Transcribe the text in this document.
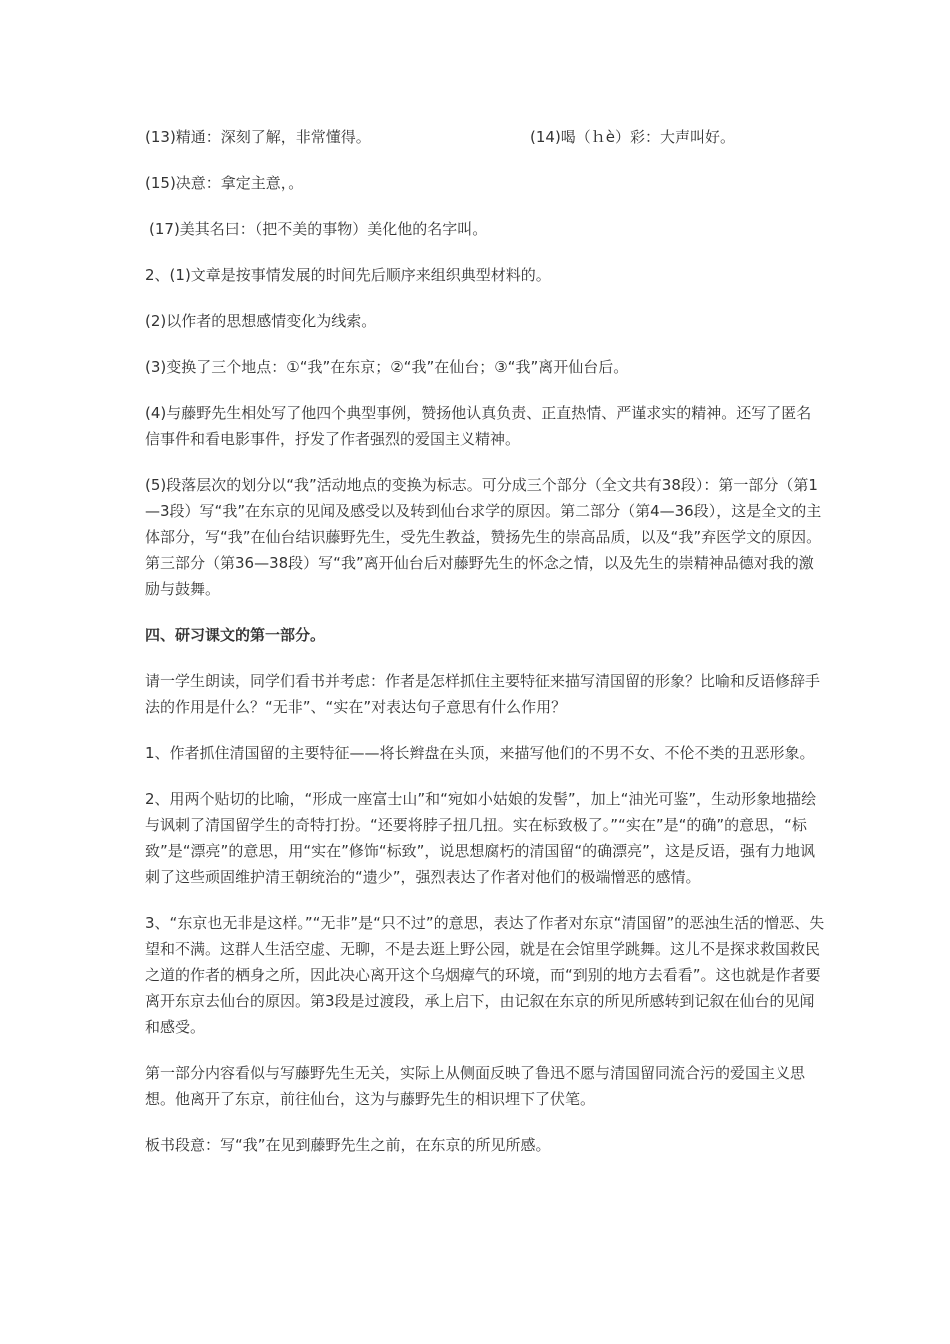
(13)精通：深刻了解，非常懂得。	(14)喝（ｈè）彩：大声叫好。

(15)决意：拿定主意，。

(17)美其名曰：（把不美的事物）美化他的名字叫。

2、(1)文章是按事情发展的时间先后顺序来组织典型材料的。

(2)以作者的思想感情变化为线索。

(3)变换了三个地点：①“我”在东京；②“我”在仙台；③“我”离开仙台后。

(4)与藤野先生相处写了他四个典型事例，赞扬他认真负责、正直热情、严谨求实的精神。还写了匿名信事件和看电影事件，抒发了作者强烈的爱国主义精神。

(5)段落层次的划分以“我”活动地点的变换为标志。可分成三个部分（全文共有38段）：第一部分（第1—3段）写“我”在东京的见闻及感受以及转到仙台求学的原因。第二部分（第4—36段），这是全文的主体部分，写“我”在仙台结识藤野先生，受先生教益，赞扬先生的崇高品质，以及“我”弃医学文的原因。第三部分（第36—38段）写“我”离开仙台后对藤野先生的怀念之情，以及先生的崇精神品德对我的激励与鼓舞。

四、研习课文的第一部分。

请一学生朗读，同学们看书并考虑：作者是怎样抓住主要特征来描写清国留的形象？比喻和反语修辞手法的作用是什么？“无非”、“实在”对表达句子意思有什么作用？

1、作者抓住清国留的主要特征——将长辫盘在头顶，来描写他们的不男不女、不伦不类的丑恶形象。

2、用两个贴切的比喻，“形成一座富士山”和“宛如小姑娘的发髻”，加上“油光可鉴”，生动形象地描绘与讽刺了清国留学生的奇特打扮。“还要将脖子扭几扭。实在标致极了。”“实在”是“的确”的意思，“标致”是“漂亮”的意思，用“实在”修饰“标致”，说思想腐朽的清国留“的确漂亮”，这是反语，强有力地讽刺了这些顽固维护清王朝统治的“遗少”，强烈表达了作者对他们的极端憎恶的感情。

3、“东京也无非是这样。”“无非”是“只不过”的意思，表达了作者对东京“清国留”的恶浊生活的憎恶、失望和不满。这群人生活空虚、无聊，不是去逛上野公园，就是在会馆里学跳舞。这儿不是探求救国救民之道的作者的栖身之所，因此决心离开这个乌烟瘴气的环境，而“到别的地方去看看”。这也就是作者要离开东京去仙台的原因。第3段是过渡段，承上启下，由记叙在东京的所见所感转到记叙在仙台的见闻和感受。

第一部分内容看似与写藤野先生无关，实际上从侧面反映了鲁迅不愿与清国留同流合污的爱国主义思想。他离开了东京，前往仙台，这为与藤野先生的相识埋下了伏笔。

板书段意：写“我”在见到藤野先生之前，在东京的所见所感。
